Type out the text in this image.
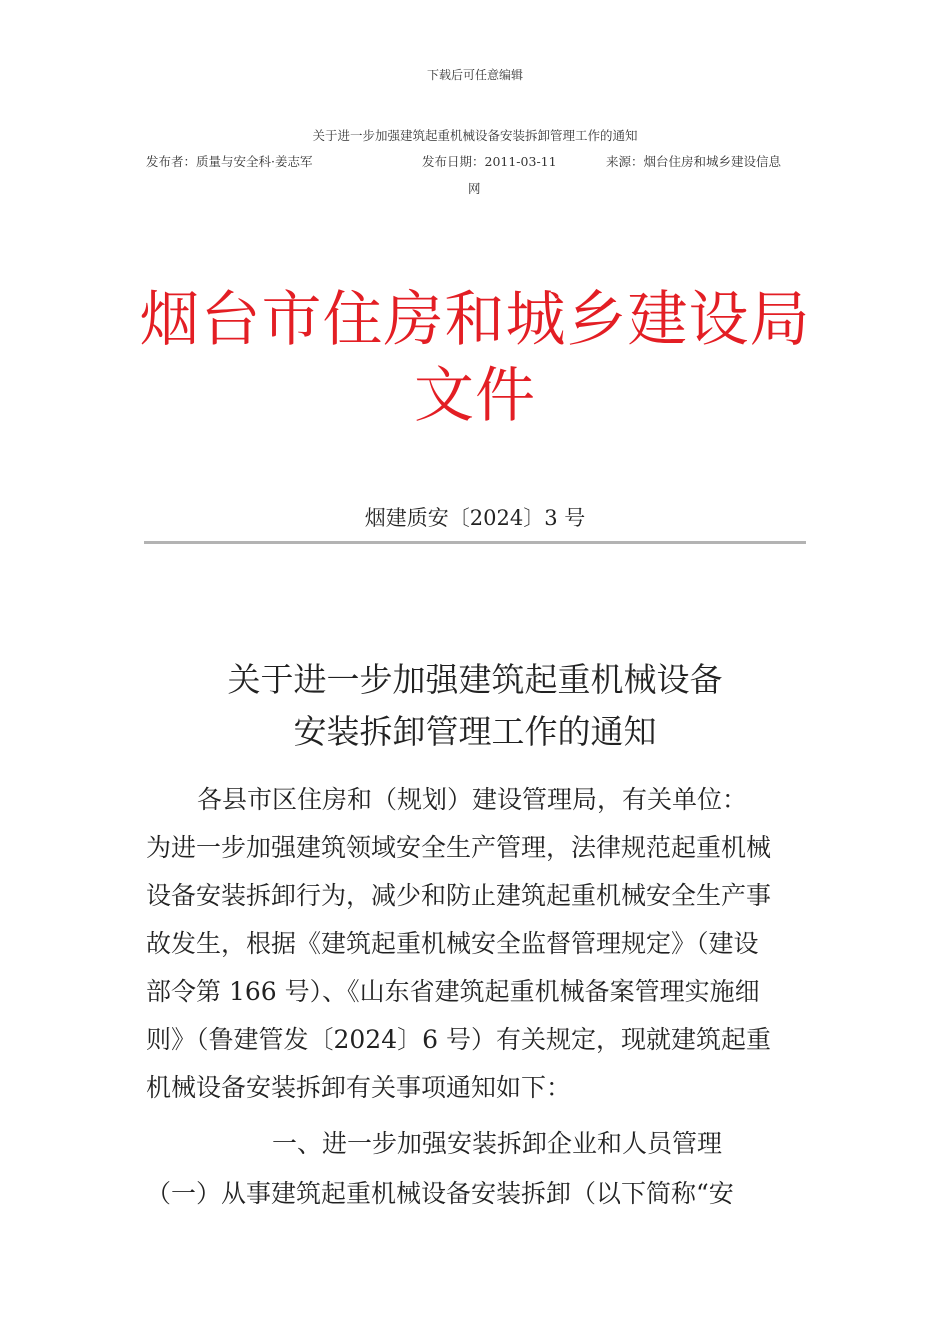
下载后可任意编辑
关于进一步加强建筑起重机械设备安装拆卸管理工作的通知
发布者：质量与安全科·姜志军	发布日期：2011-03-11	来源：烟台住房和城乡建设信息
网
烟台市住房和城乡建设局
文件
烟建质安〔2024〕3 号
关于进一步加强建筑起重机械设备
安装拆卸管理工作的通知
各县市区住房和（规划）建设管理局，有关单位：
为进一步加强建筑领域安全生产管理，法律规范起重机械
设备安装拆卸行为，减少和防止建筑起重机械安全生产事
故发生，根据《建筑起重机械安全监督管理规定》（建设
部令第 166 号）、《山东省建筑起重机械备案管理实施细
则》（鲁建管发〔2024〕6 号）有关规定，现就建筑起重
机械设备安装拆卸有关事项通知如下：
一、进一步加强安装拆卸企业和人员管理
（一）从事建筑起重机械设备安装拆卸（以下简称“安
